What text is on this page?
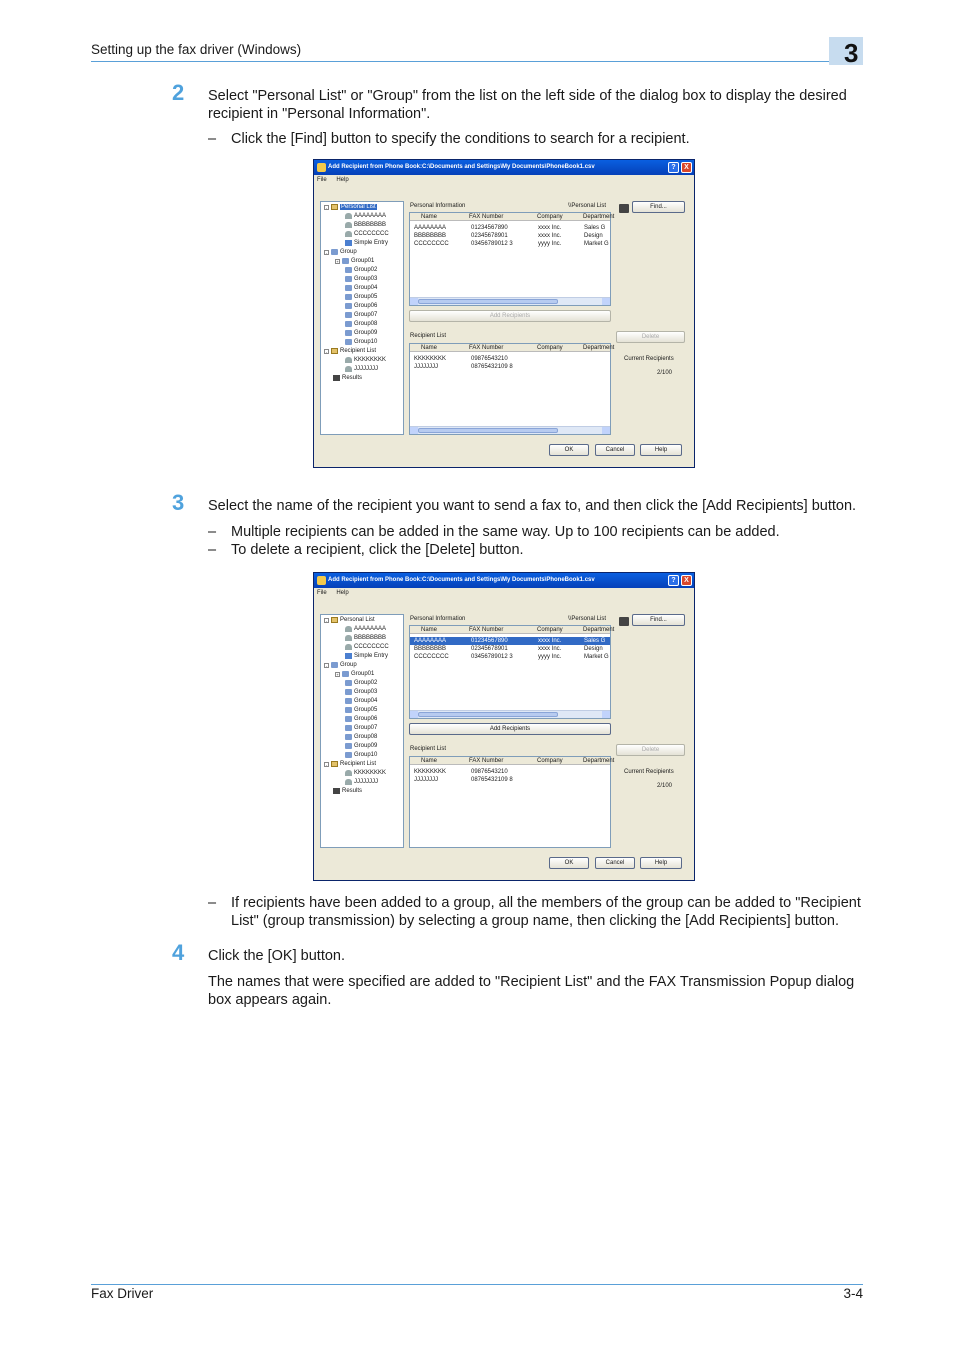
Setting up the fax driver (Windows)	3
2 Select "Personal List" or "Group" from the list on the left side of the dialog box to display the desired recipient in "Personal Information".
– Click the [Find] button to specify the conditions to search for a recipient.
Add Recipient from Phone Book:C:\Documents and Settings\My Documents\PhoneBook1.csv	?	X
File Help
-	Personal List
AAAAAAAA
BBBBBBBB
CCCCCCCC
Simple Entry
-	Group
+ Group01
Group02
Group03
Group04
Group05
Group06
Group07
Group08
Group09
Group10
-	Recipient List
KKKKKKKK
JJJJJJJJ
Results
Personal Information	\\Personal List
Name	FAX Number	Company	Department
AAAAAAAA	01234567890	xxxx Inc.	Sales G
BBBBBBBB	02345678901	xxxx Inc.	Design
CCCCCCCC	03456789012 3	yyyy Inc.	Market G
Add Recipients
Recipient List
Name	FAX Number	Company	Department
KKKKKKKK	09876543210
JJJJJJJJ	08765432109 8
Find...
Delete
Current Recipients
2/100
OK	Cancel	Help
3 Select the name of the recipient you want to send a fax to, and then click the [Add Recipients] button.
– Multiple recipients can be added in the same way. Up to 100 recipients can be added.
– To delete a recipient, click the [Delete] button.
Add Recipient from Phone Book:C:\Documents and Settings\My Documents\PhoneBook1.csv	?	X
File Help
-	Personal List
AAAAAAAA
BBBBBBBB
CCCCCCCC
Simple Entry
-	Group
+ Group01
Group02
Group03
Group04
Group05
Group06
Group07
Group08
Group09
Group10
-	Recipient List
KKKKKKKK
JJJJJJJJ
Results
Personal Information	\\Personal List
Name	FAX Number	Company	Department
AAAAAAAA	01234567890	xxxx Inc.	Sales G
BBBBBBBB	02345678901	xxxx Inc.	Design
CCCCCCCC	03456789012 3	yyyy Inc.	Market G
Add Recipients
Recipient List
Name	FAX Number	Company	Department
KKKKKKKK	09876543210
JJJJJJJJ	08765432109 8
Find...
Delete
Current Recipients
2/100
OK	Cancel	Help
– If recipients have been added to a group, all the members of the group can be added to "Recipient List" (group transmission) by selecting a group name, then clicking the [Add Recipients] button.
4 Click the [OK] button.
The names that were specified are added to "Recipient List" and the FAX Transmission Popup dialog box appears again.
Fax Driver	3-4
